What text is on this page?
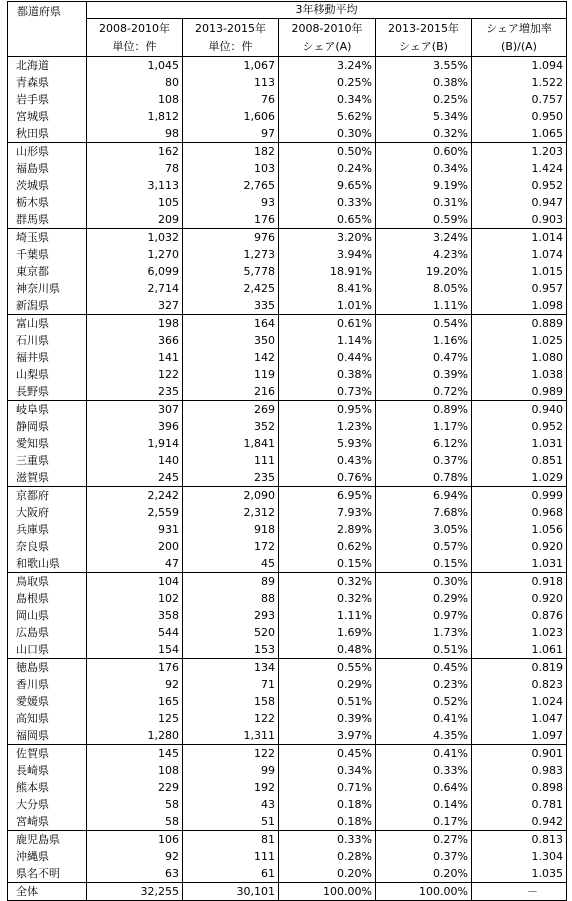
都道府県	3年移動平均				
	2008-2010年	2013-2015年	2008-2010年	2013-2015年	シェア増加率
	単位：件	単位：件	シェア(A)	シェア(B)	(B)/(A)
北海道	1,045	1,067	3.24%	3.55%	1.094
青森県	80	113	0.25%	0.38%	1.522
岩手県	108	76	0.34%	0.25%	0.757
宮城県	1,812	1,606	5.62%	5.34%	0.950
秋田県	98	97	0.30%	0.32%	1.065
山形県	162	182	0.50%	0.60%	1.203
福島県	78	103	0.24%	0.34%	1.424
茨城県	3,113	2,765	9.65%	9.19%	0.952
栃木県	105	93	0.33%	0.31%	0.947
群馬県	209	176	0.65%	0.59%	0.903
埼玉県	1,032	976	3.20%	3.24%	1.014
千葉県	1,270	1,273	3.94%	4.23%	1.074
東京都	6,099	5,778	18.91%	19.20%	1.015
神奈川県	2,714	2,425	8.41%	8.05%	0.957
新潟県	327	335	1.01%	1.11%	1.098
富山県	198	164	0.61%	0.54%	0.889
石川県	366	350	1.14%	1.16%	1.025
福井県	141	142	0.44%	0.47%	1.080
山梨県	122	119	0.38%	0.39%	1.038
長野県	235	216	0.73%	0.72%	0.989
岐阜県	307	269	0.95%	0.89%	0.940
静岡県	396	352	1.23%	1.17%	0.952
愛知県	1,914	1,841	5.93%	6.12%	1.031
三重県	140	111	0.43%	0.37%	0.851
滋賀県	245	235	0.76%	0.78%	1.029
京都府	2,242	2,090	6.95%	6.94%	0.999
大阪府	2,559	2,312	7.93%	7.68%	0.968
兵庫県	931	918	2.89%	3.05%	1.056
奈良県	200	172	0.62%	0.57%	0.920
和歌山県	47	45	0.15%	0.15%	1.031
鳥取県	104	89	0.32%	0.30%	0.918
島根県	102	88	0.32%	0.29%	0.920
岡山県	358	293	1.11%	0.97%	0.876
広島県	544	520	1.69%	1.73%	1.023
山口県	154	153	0.48%	0.51%	1.061
徳島県	176	134	0.55%	0.45%	0.819
香川県	92	71	0.29%	0.23%	0.823
愛媛県	165	158	0.51%	0.52%	1.024
高知県	125	122	0.39%	0.41%	1.047
福岡県	1,280	1,311	3.97%	4.35%	1.097
佐賀県	145	122	0.45%	0.41%	0.901
長崎県	108	99	0.34%	0.33%	0.983
熊本県	229	192	0.71%	0.64%	0.898
大分県	58	43	0.18%	0.14%	0.781
宮崎県	58	51	0.18%	0.17%	0.942
鹿児島県	106	81	0.33%	0.27%	0.813
沖縄県	92	111	0.28%	0.37%	1.304
県名不明	63	61	0.20%	0.20%	1.035
全体	32,255	30,101	100.00%	100.00%	－
